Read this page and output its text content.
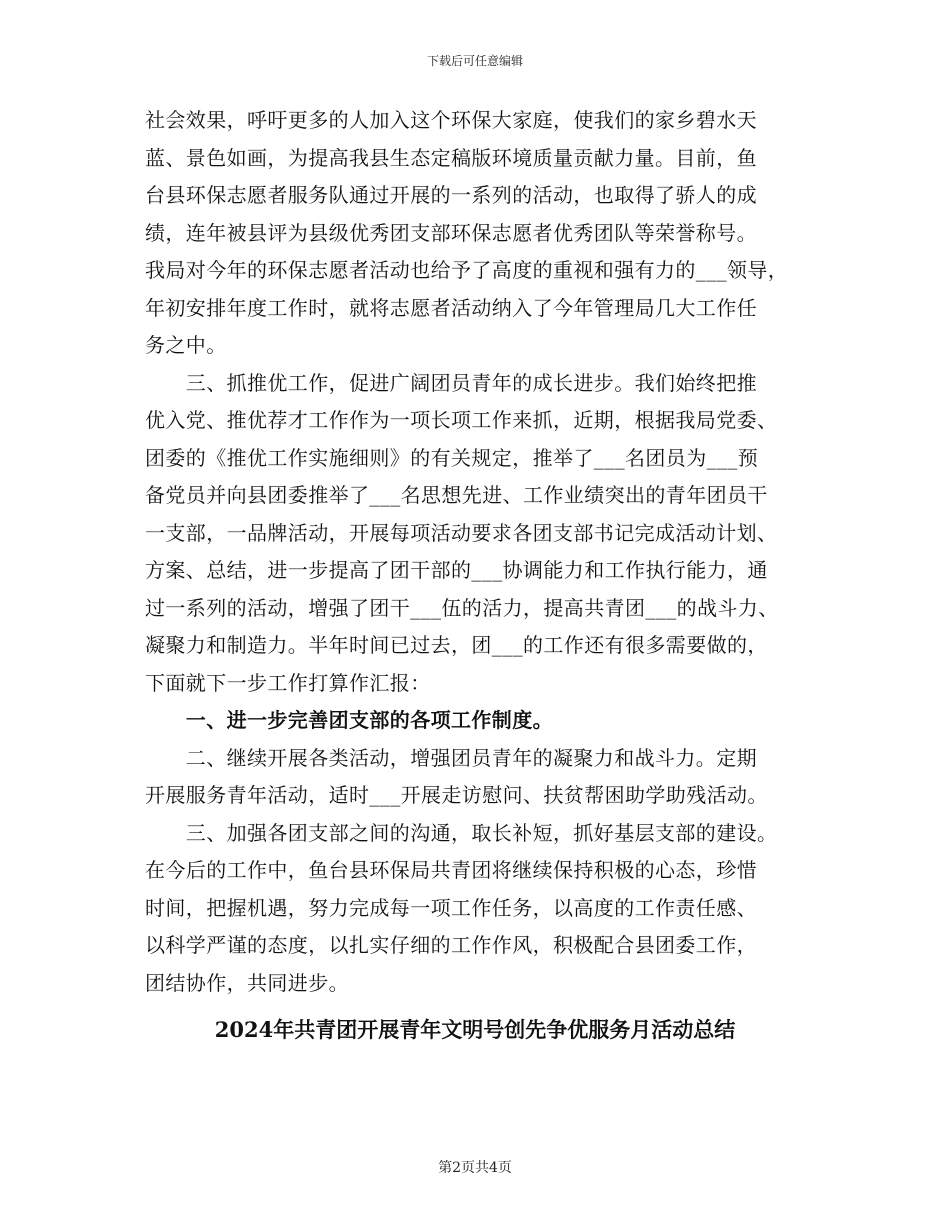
下载后可任意编辑
社会效果，呼吁更多的人加入这个环保大家庭，使我们的家乡碧水天
蓝、景色如画，为提高我县生态定稿版环境质量贡献力量。目前，鱼
台县环保志愿者服务队通过开展的一系列的活动，也取得了骄人的成
绩，连年被县评为县级优秀团支部环保志愿者优秀团队等荣誉称号。
我局对今年的环保志愿者活动也给予了高度的重视和强有力的___领导，
年初安排年度工作时，就将志愿者活动纳入了今年管理局几大工作任
务之中。
　　三、抓推优工作，促进广阔团员青年的成长进步。我们始终把推
优入党、推优荐才工作作为一项长项工作来抓，近期，根据我局党委、
团委的《推优工作实施细则》的有关规定，推举了___名团员为___预
备党员并向县团委推举了___名思想先进、工作业绩突出的青年团员干
一支部，一品牌活动，开展每项活动要求各团支部书记完成活动计划、
方案、总结，进一步提高了团干部的___协调能力和工作执行能力，通
过一系列的活动，增强了团干___伍的活力，提高共青团___的战斗力、
凝聚力和制造力。半年时间已过去，团___的工作还有很多需要做的，
下面就下一步工作打算作汇报：
　　一、进一步完善团支部的各项工作制度。
　　二、继续开展各类活动，增强团员青年的凝聚力和战斗力。定期
开展服务青年活动，适时___开展走访慰问、扶贫帮困助学助残活动。
　　三、加强各团支部之间的沟通，取长补短，抓好基层支部的建设。
在今后的工作中，鱼台县环保局共青团将继续保持积极的心态，珍惜
时间，把握机遇，努力完成每一项工作任务，以高度的工作责任感、
以科学严谨的态度，以扎实仔细的工作作风，积极配合县团委工作，
团结协作，共同进步。
2024年共青团开展青年文明号创先争优服务月活动总结
第2页共4页
